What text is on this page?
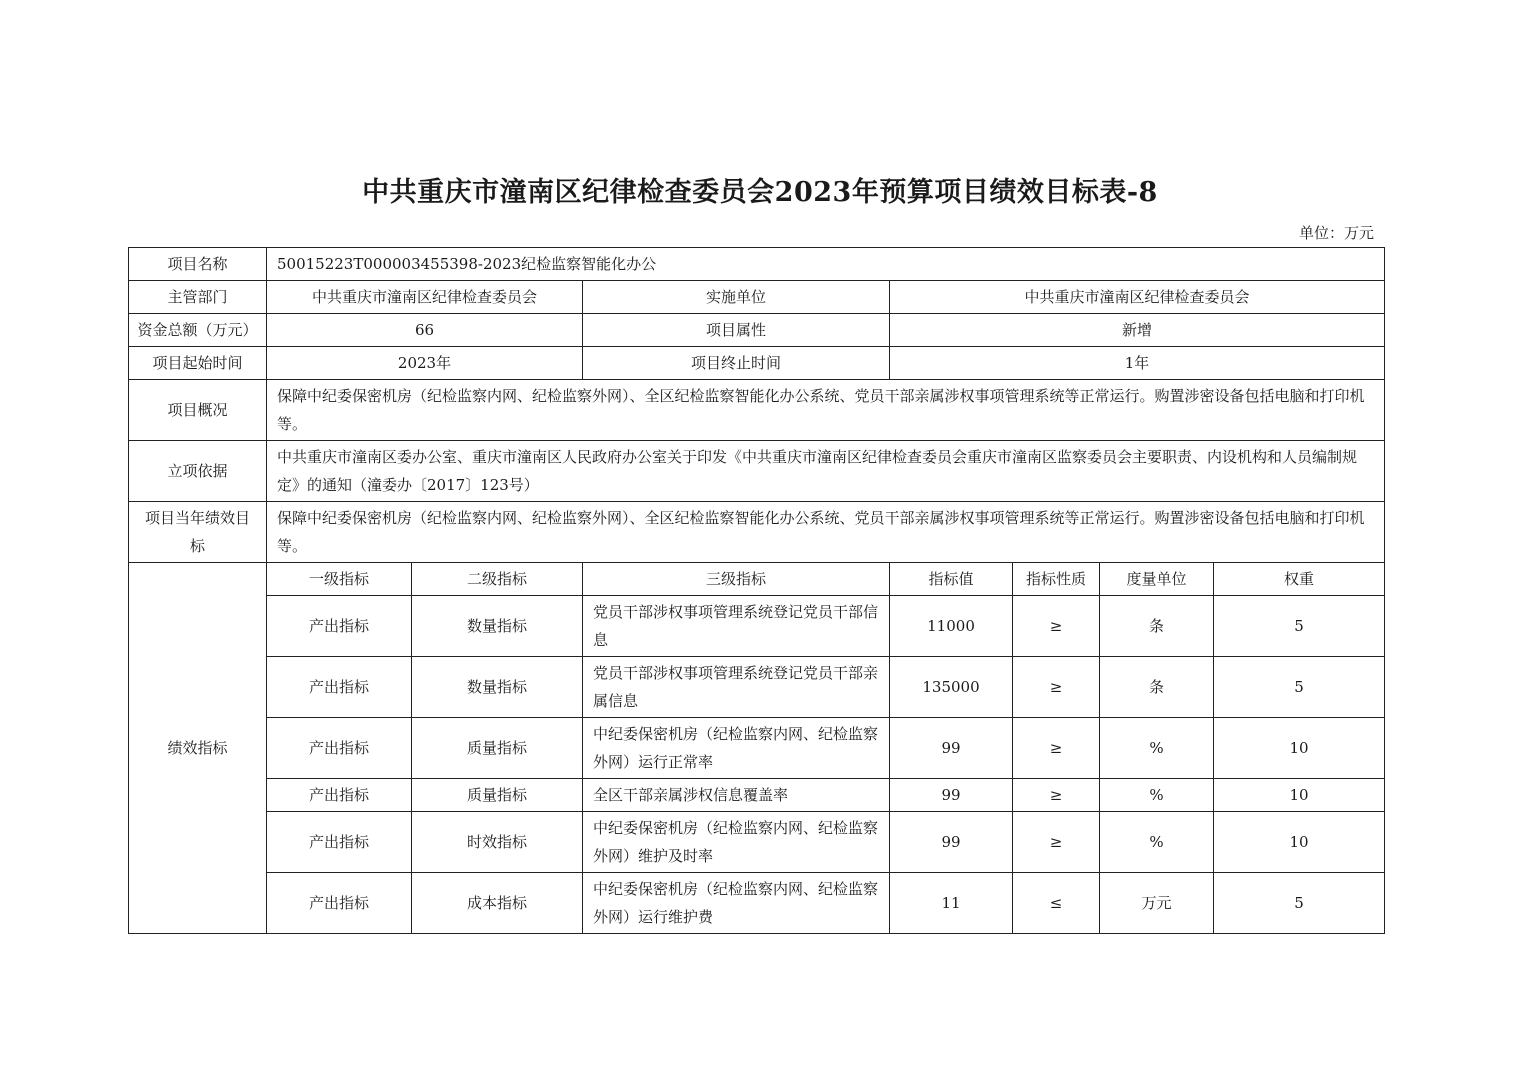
中共重庆市潼南区纪律检查委员会2023年预算项目绩效目标表-8
单位：万元
项目名称	50015223T000003455398-2023纪检监察智能化办公						
主管部门	中共重庆市潼南区纪律检查委员会		实施单位	中共重庆市潼南区纪律检查委员会			
资金总额（万元）	66		项目属性	新增			
项目起始时间	2023年		项目终止时间	1年			
项目概况	保障中纪委保密机房（纪检监察内网、纪检监察外网）、全区纪检监察智能化办公系统、党员干部亲属涉权事项管理系统等正常运行。购置涉密设备包括电脑和打印机等。						
立项依据	中共重庆市潼南区委办公室、重庆市潼南区人民政府办公室关于印发《中共重庆市潼南区纪律检查委员会重庆市潼南区监察委员会主要职责、内设机构和人员编制规定》的通知（潼委办〔2017〕123号）						
项目当年绩效目标	保障中纪委保密机房（纪检监察内网、纪检监察外网）、全区纪检监察智能化办公系统、党员干部亲属涉权事项管理系统等正常运行。购置涉密设备包括电脑和打印机等。						
绩效指标	一级指标	二级指标	三级指标	指标值	指标性质	度量单位	权重
	产出指标	数量指标	党员干部涉权事项管理系统登记党员干部信息	11000	≥	条	5
	产出指标	数量指标	党员干部涉权事项管理系统登记党员干部亲属信息	135000	≥	条	5
	产出指标	质量指标	中纪委保密机房（纪检监察内网、纪检监察外网）运行正常率	99	≥	%	10
	产出指标	质量指标	全区干部亲属涉权信息覆盖率	99	≥	%	10
	产出指标	时效指标	中纪委保密机房（纪检监察内网、纪检监察外网）维护及时率	99	≥	%	10
	产出指标	成本指标	中纪委保密机房（纪检监察内网、纪检监察外网）运行维护费	11	≤	万元	5
